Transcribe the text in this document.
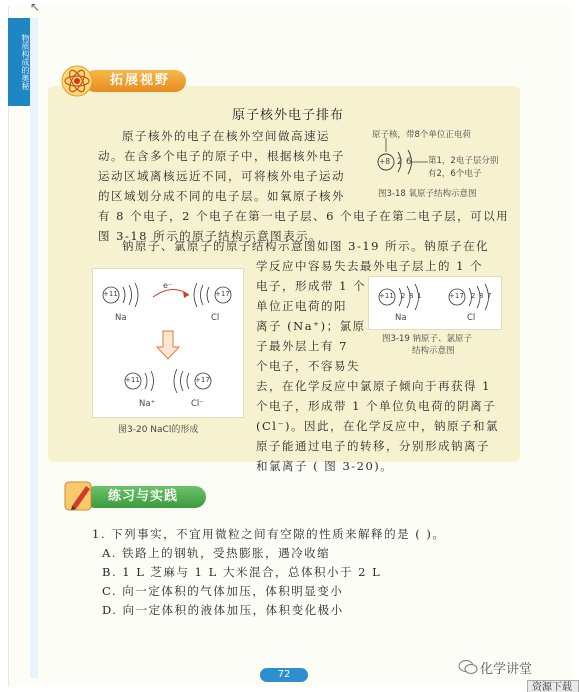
↖
物质构成的奥秘	拓展视野
原子核外电子排布
原子核外的电子在核外空间做高速运
动。在含多个电子的原子中，根据核外电子
运动区域离核远近不同，可将核外电子运动
的区域划分成不同的电子层。如氧原子核外
有 8 个电子，2 个电子在第一电子层、6 个电子在第二电子层，可以用
图 3-18 所示的原子结构示意图表示。
原子核，带8个单位正电荷
+8 2 6 第1，2电子层分别
有2，6个电子
图3-18 氧原子结构示意图
钠原子、氯原子的原子结构示意图如图 3-19 所示。钠原子在化
学反应中容易失去最外电子层上的 1 个
电子，形成带 1 个
单位正电荷的阳
离子 (Na⁺)；氯原
子最外层上有 7
个电子，不容易失
去，在化学反应中氯原子倾向于再获得 1
个电子，形成带 1 个单位负电荷的阴离子
(Cl⁻)。因此，在化学反应中，钠原子和氯
原子能通过电子的转移，分别形成钠离子
和氯离子 ( 图 3-20)。
+11 2 8 1	+17 2 8 7
Na	Cl
图3-19 钠原子、氯原子
结构示意图
+11	+17
e⁻
Na	Cl
+11	+17
Na⁺	Cl⁻
图3-20 NaCl的形成
练习与实践
1. 下列事实，不宜用微粒之间有空隙的性质来解释的是 ( )。
A. 铁路上的钢轨，受热膨胀，遇冷收缩
B. 1 L 芝麻与 1 L 大米混合，总体积小于 2 L
C. 向一定体积的气体加压，体积明显变小
D. 向一定体积的液体加压，体积变化极小
72	化学讲堂
资源下载
